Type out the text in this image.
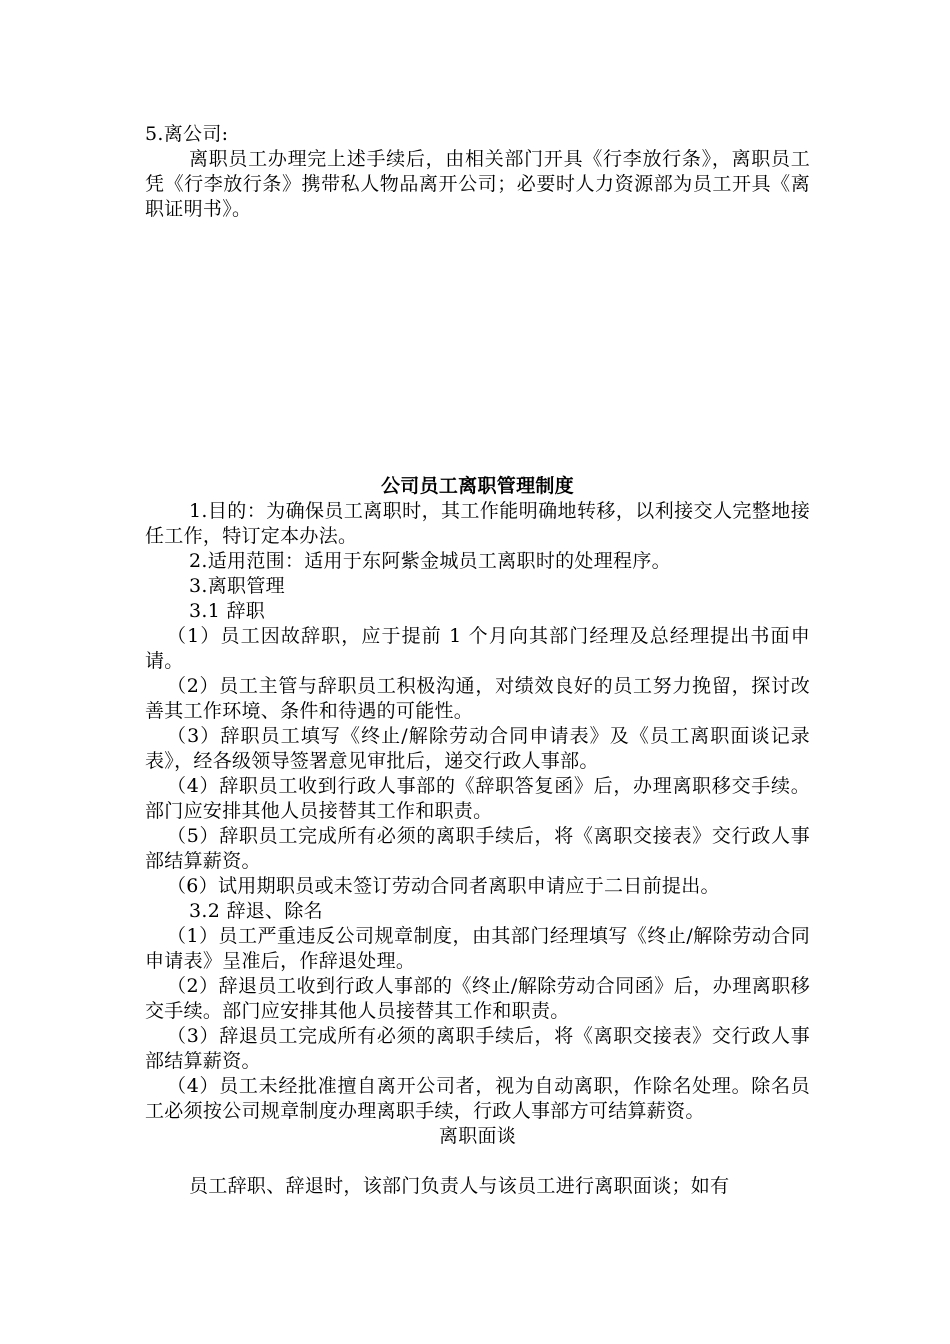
5.离公司:

离职员工办理完上述手续后，由相关部门开具《行李放行条》，离职员工凭《行李放行条》携带私人物品离开公司；必要时人力资源部为员工开具《离职证明书》。

公司员工离职管理制度

1.目的：为确保员工离职时，其工作能明确地转移，以利接交人完整地接任工作，特订定本办法。

2.适用范围：适用于东阿紫金城员工离职时的处理程序。

3.离职管理

3.1 辞职

（1）员工因故辞职，应于提前 1 个月向其部门经理及总经理提出书面申请。

（2）员工主管与辞职员工积极沟通，对绩效良好的员工努力挽留，探讨改善其工作环境、条件和待遇的可能性。

（3）辞职员工填写《终止/解除劳动合同申请表》及《员工离职面谈记录表》，经各级领导签署意见审批后，递交行政人事部。

（4）辞职员工收到行政人事部的《辞职答复函》后，办理离职移交手续。部门应安排其他人员接替其工作和职责。

（5）辞职员工完成所有必须的离职手续后，将《离职交接表》交行政人事部结算薪资。

（6）试用期职员或未签订劳动合同者离职申请应于二日前提出。

3.2 辞退、除名

（1）员工严重违反公司规章制度，由其部门经理填写《终止/解除劳动合同申请表》呈准后，作辞退处理。

（2）辞退员工收到行政人事部的《终止/解除劳动合同函》后，办理离职移交手续。部门应安排其他人员接替其工作和职责。

（3）辞退员工完成所有必须的离职手续后，将《离职交接表》交行政人事部结算薪资。

（4）员工未经批准擅自离开公司者，视为自动离职，作除名处理。除名员工必须按公司规章制度办理离职手续，行政人事部方可结算薪资。

离职面谈

员工辞职、辞退时，该部门负责人与该员工进行离职面谈；如有
